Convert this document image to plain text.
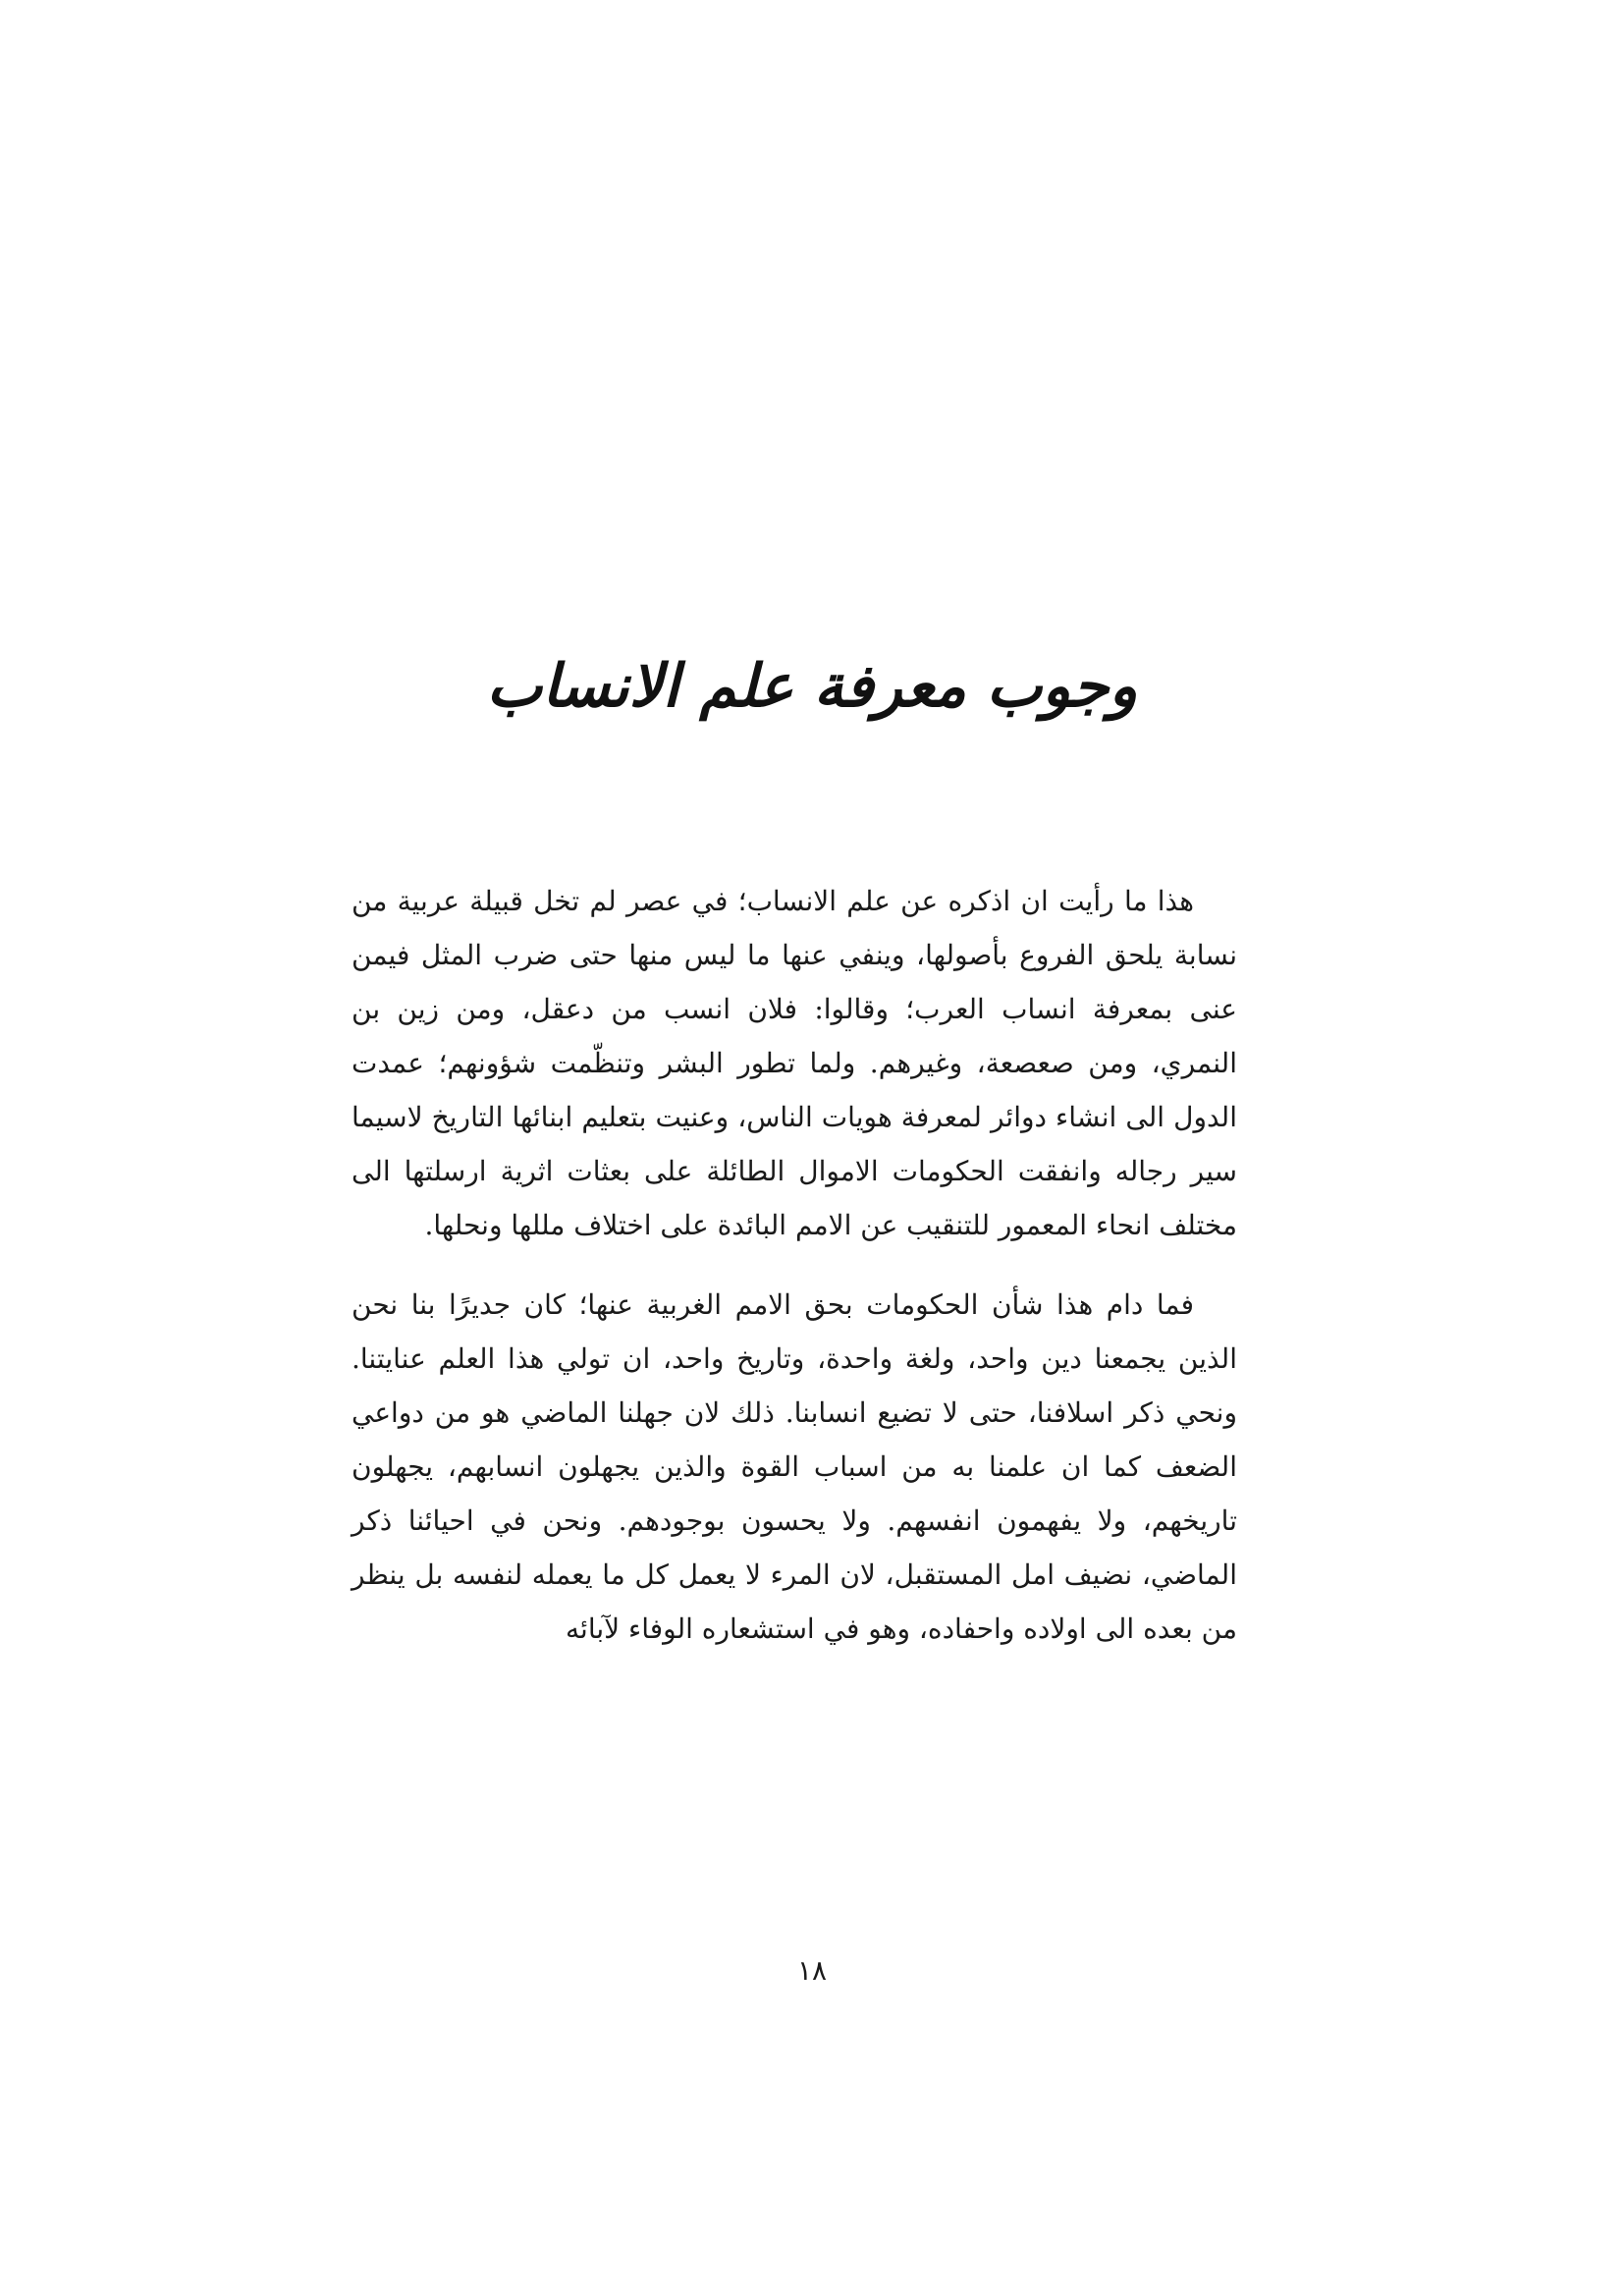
وجوب معرفة علم الانساب

هذا ما رأيت ان اذكره عن علم الانساب؛ في عصر لم تخل قبيلة عربية من نسابة يلحق الفروع بأصولها، وينفي عنها ما ليس منها حتى ضرب المثل فيمن عنى بمعرفة انساب العرب؛ وقالوا: فلان انسب من دعقل، ومن زين بن النمري، ومن صعصعة، وغيرهم. ولما تطور البشر وتنظّمت شؤونهم؛ عمدت الدول الى انشاء دوائر لمعرفة هويات الناس، وعنيت بتعليم ابنائها التاريخ لاسيما سير رجاله وانفقت الحكومات الاموال الطائلة على بعثات اثرية ارسلتها الى مختلف انحاء المعمور للتنقيب عن الامم البائدة على اختلاف مللها ونحلها.

فما دام هذا شأن الحكومات بحق الامم الغربية عنها؛ كان جديرًا بنا نحن الذين يجمعنا دين واحد، ولغة واحدة، وتاريخ واحد، ان تولي هذا العلم عنايتنا. ونحي ذكر اسلافنا، حتى لا تضيع انسابنا. ذلك لان جهلنا الماضي هو من دواعي الضعف كما ان علمنا به من اسباب القوة والذين يجهلون انسابهم، يجهلون تاريخهم، ولا يفهمون انفسهم. ولا يحسون بوجودهم. ونحن في احيائنا ذكر الماضي، نضيف امل المستقبل، لان المرء لا يعمل كل ما يعمله لنفسه بل ينظر من بعده الى اولاده واحفاده، وهو في استشعاره الوفاء لآبائه

١٨
